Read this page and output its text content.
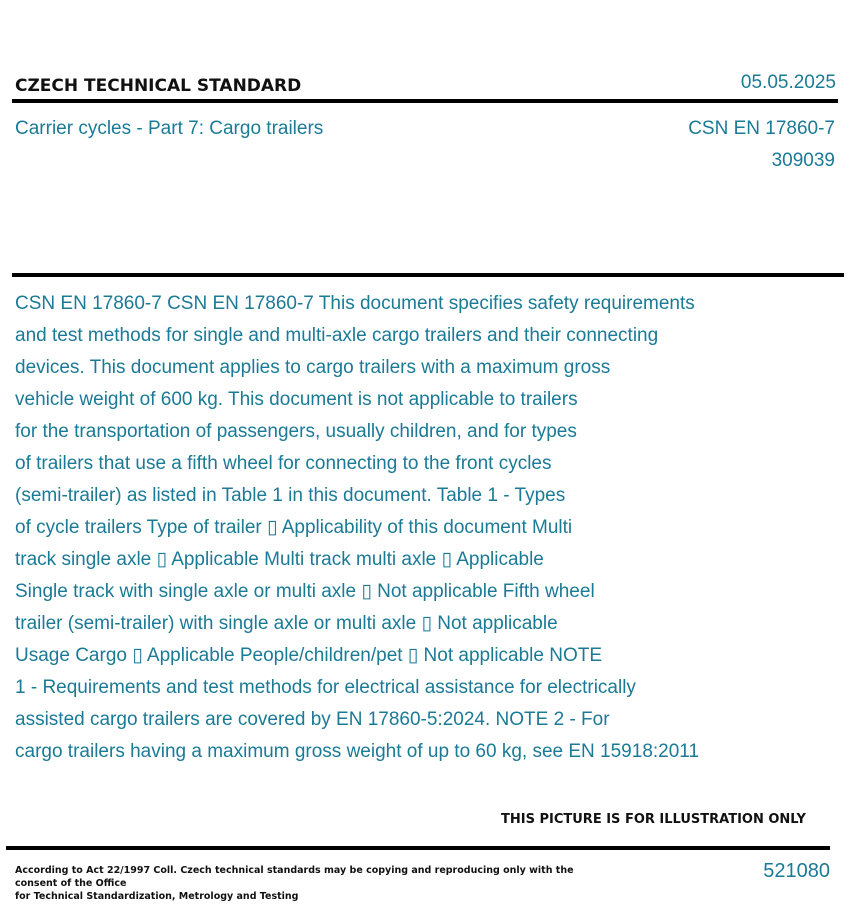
CZECH TECHNICAL STANDARD	05.05.2025
Carrier cycles - Part 7: Cargo trailers	CSN EN 17860-7
309039
CSN EN 17860-7 CSN EN 17860-7 This document specifies safety requirements
and test methods for single and multi-axle cargo trailers and their connecting
devices. This document applies to cargo trailers with a maximum gross
vehicle weight of 600 kg. This document is not applicable to trailers
for the transportation of passengers, usually children, and for types
of trailers that use a fifth wheel for connecting to the front cycles
(semi-trailer) as listed in Table 1 in this document. Table 1 - Types
of cycle trailers Type of trailer ▯ Applicability of this document Multi
track single axle ▯ Applicable Multi track multi axle ▯ Applicable
Single track with single axle or multi axle ▯ Not applicable Fifth wheel
trailer (semi-trailer) with single axle or multi axle ▯ Not applicable
Usage Cargo ▯ Applicable People/children/pet ▯ Not applicable NOTE
1 - Requirements and test methods for electrical assistance for electrically
assisted cargo trailers are covered by EN 17860-5:2024. NOTE 2 - For
cargo trailers having a maximum gross weight of up to 60 kg, see EN 15918:2011
THIS PICTURE IS FOR ILLUSTRATION ONLY
According to Act 22/1997 Coll. Czech technical standards may be copying and reproducing only with the consent of the Office
for Technical Standardization, Metrology and Testing
521080
